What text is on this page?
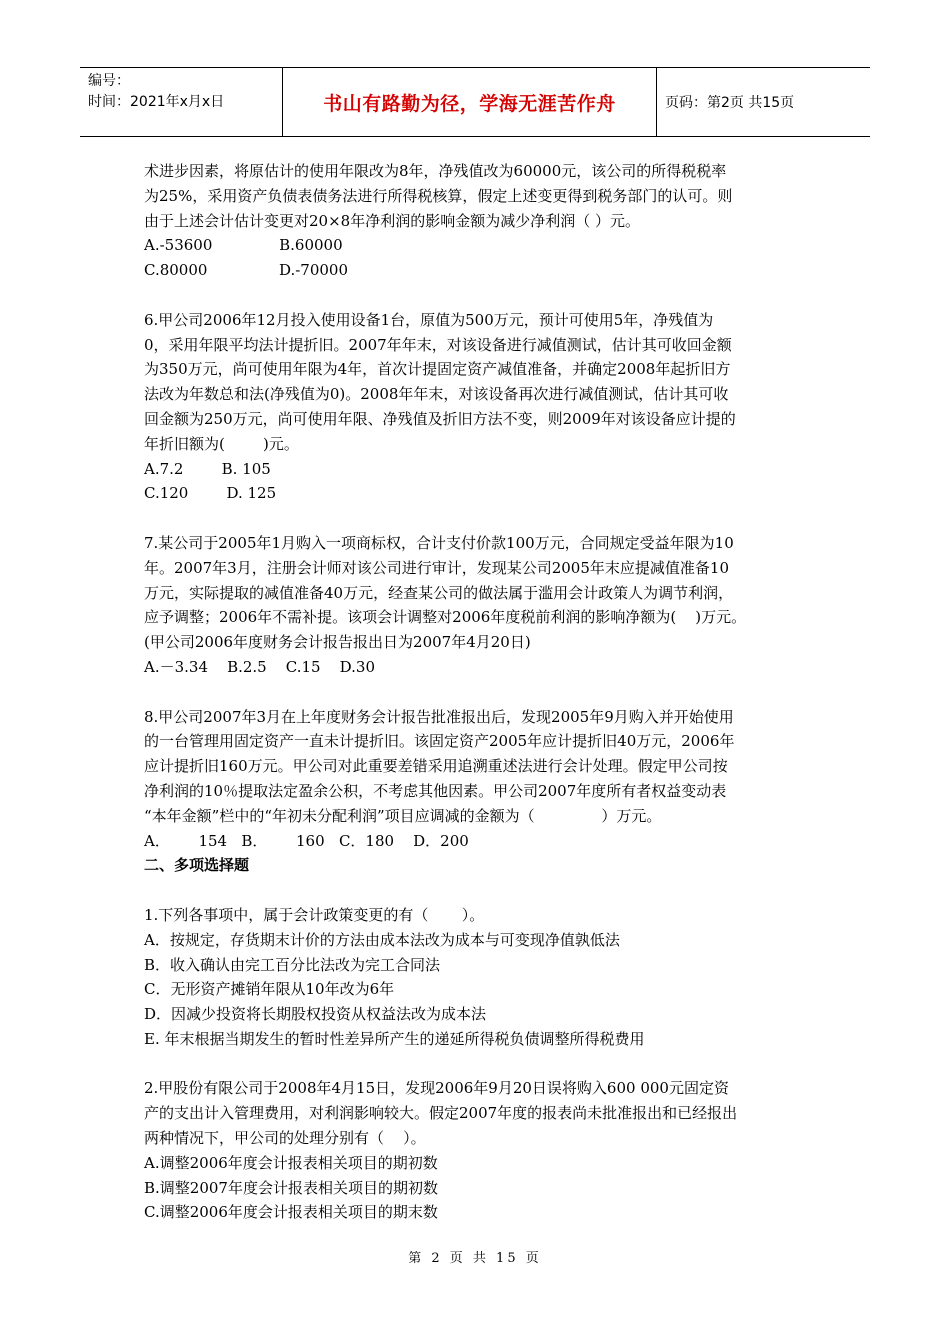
编号：
时间：2021年x月x日	书山有路勤为径，学海无涯苦作舟	页码：第2页 共15页

术进步因素，将原估计的使用年限改为8年，净残值改为60000元，该公司的所得税税率

为25%，采用资产负债表债务法进行所得税核算，假定上述变更得到税务部门的认可。则

由于上述会计估计变更对20×8年净利润的影响金额为减少净利润（ ）元。

A.-53600              B.60000

C.80000               D.-70000

6.甲公司2006年12月投入使用设备1台，原值为500万元，预计可使用5年，净残值为

0，采用年限平均法计提折旧。2007年年末，对该设备进行减值测试，估计其可收回金额

为350万元，尚可使用年限为4年，首次计提固定资产减值准备，并确定2008年起折旧方

法改为年数总和法(净残值为0)。2008年年末，对该设备再次进行减值测试，估计其可收

回金额为250万元，尚可使用年限、净残值及折旧方法不变，则2009年对该设备应计提的

年折旧额为(        )元。

A.7.2        B. 105

C.120        D. 125

7.某公司于2005年1月购入一项商标权，合计支付价款100万元，合同规定受益年限为10

年。2007年3月，注册会计师对该公司进行审计，发现某公司2005年末应提减值准备10

万元，实际提取的减值准备40万元，经查某公司的做法属于滥用会计政策人为调节利润，

应予调整；2006年不需补提。该项会计调整对2006年度税前利润的影响净额为(    )万元。

(甲公司2006年度财务会计报告报出日为2007年4月20日)

A.－3.34    B.2.5    C.15    D.30

8.甲公司2007年3月在上年度财务会计报告批准报出后，发现2005年9月购入并开始使用

的一台管理用固定资产一直未计提折旧。该固定资产2005年应计提折旧40万元，2006年

应计提折旧160万元。甲公司对此重要差错采用追溯重述法进行会计处理。假定甲公司按

净利润的10％提取法定盈余公积，不考虑其他因素。甲公司2007年度所有者权益变动表

“本年金额”栏中的“年初未分配利润”项目应调减的金额为（              ）万元。

A．      154   B．      160   C．180    D．200

二、多项选择题

1.下列各事项中，属于会计政策变更的有（       ）。

A．按规定，存货期末计价的方法由成本法改为成本与可变现净值孰低法

B．收入确认由完工百分比法改为完工合同法

C．无形资产摊销年限从10年改为6年

D．因减少投资将长期股权投资从权益法改为成本法

E. 年末根据当期发生的暂时性差异所产生的递延所得税负债调整所得税费用

2.甲股份有限公司于2008年4月15日，发现2006年9月20日误将购入600 000元固定资

产的支出计入管理费用，对利润影响较大。假定2007年度的报表尚未批准报出和已经报出

两种情况下，甲公司的处理分别有（    ）。

A.调整2006年度会计报表相关项目的期初数

B.调整2007年度会计报表相关项目的期初数

C.调整2006年度会计报表相关项目的期末数

第 2 页 共 15 页
